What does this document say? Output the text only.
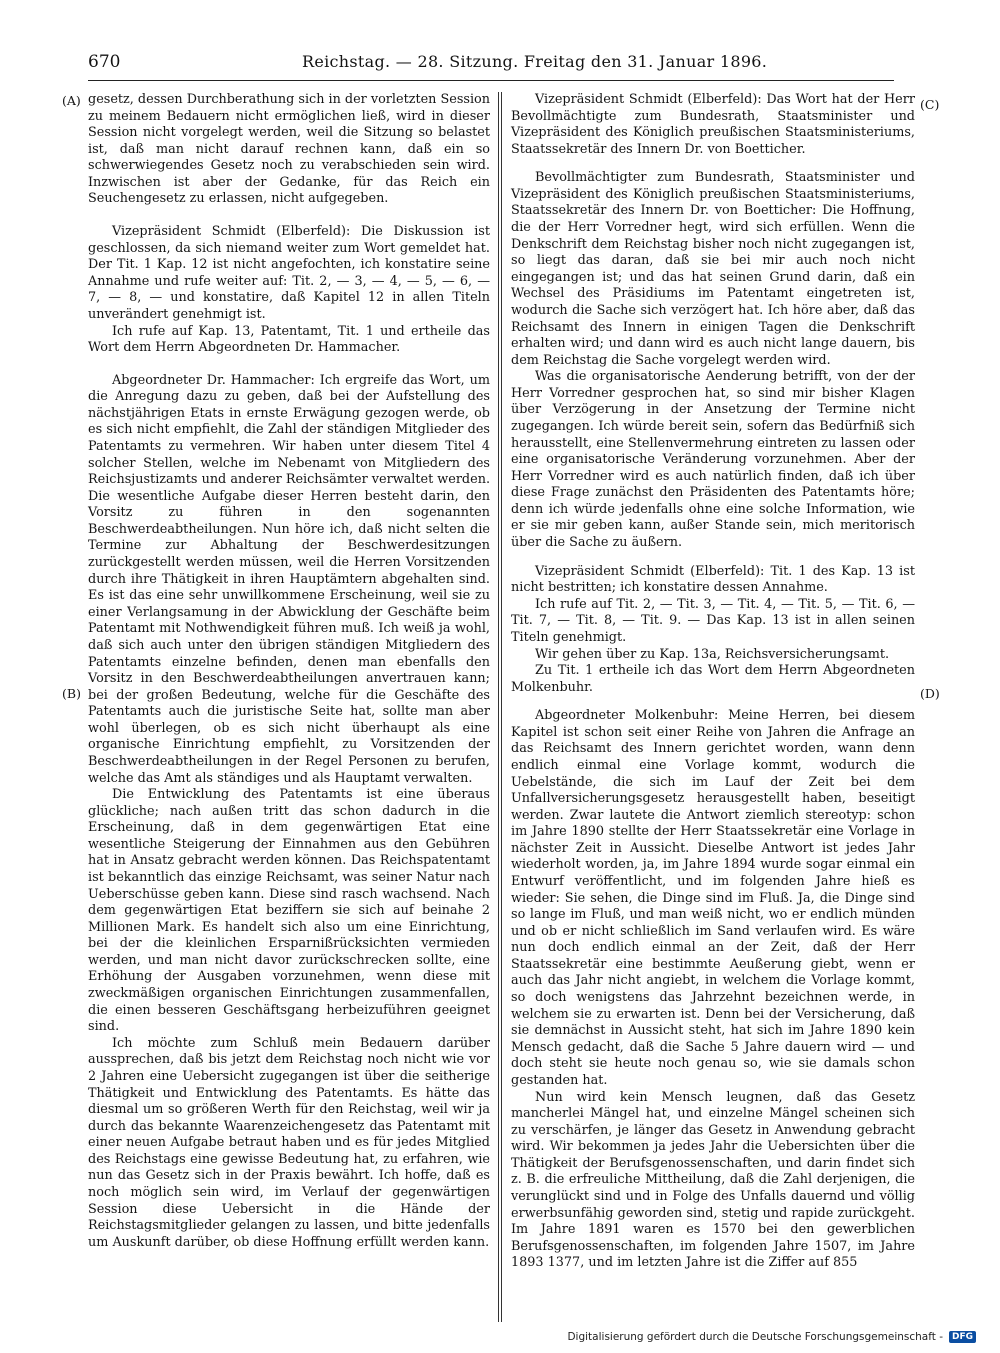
670	Reichstag. — 28. Sitzung. Freitag den 31. Januar 1896.
(A)
(B)
(C)
(D)

gesetz, dessen Durchberathung sich in der vorletzten Session zu meinem Bedauern nicht ermöglichen ließ, wird in dieser Session nicht vorgelegt werden, weil die Sitzung so belastet ist, daß man nicht darauf rechnen kann, daß ein so schwerwiegendes Gesetz noch zu verabschieden sein wird. Inzwischen ist aber der Gedanke, für das Reich ein Seuchengesetz zu erlassen, nicht aufgegeben.

Vizepräsident Schmidt (Elberfeld): Die Diskussion ist geschlossen, da sich niemand weiter zum Wort gemeldet hat. Der Tit. 1 Kap. 12 ist nicht angefochten, ich konstatire seine Annahme und rufe weiter auf: Tit. 2, — 3, — 4, — 5, — 6, — 7, — 8, — und konstatire, daß Kapitel 12 in allen Titeln unverändert genehmigt ist.

Ich rufe auf Kap. 13, Patentamt, Tit. 1 und ertheile das Wort dem Herrn Abgeordneten Dr. Hammacher.

Abgeordneter Dr. Hammacher: Ich ergreife das Wort, um die Anregung dazu zu geben, daß bei der Aufstellung des nächstjährigen Etats in ernste Erwägung gezogen werde, ob es sich nicht empfiehlt, die Zahl der ständigen Mitglieder des Patentamts zu vermehren. Wir haben unter diesem Titel 4 solcher Stellen, welche im Nebenamt von Mitgliedern des Reichsjustizamts und anderer Reichsämter verwaltet werden. Die wesentliche Aufgabe dieser Herren besteht darin, den Vorsitz zu führen in den sogenannten Beschwerdeabtheilungen. Nun höre ich, daß nicht selten die Termine zur Abhaltung der Beschwerdesitzungen zurückgestellt werden müssen, weil die Herren Vorsitzenden durch ihre Thätigkeit in ihren Hauptämtern abgehalten sind. Es ist das eine sehr unwillkommene Erscheinung, weil sie zu einer Verlangsamung in der Abwicklung der Geschäfte beim Patentamt mit Nothwendigkeit führen muß. Ich weiß ja wohl, daß sich auch unter den übrigen ständigen Mitgliedern des Patentamts einzelne befinden, denen man ebenfalls den Vorsitz in den Beschwerdeabtheilungen anvertrauen kann; bei der großen Bedeutung, welche für die Geschäfte des Patentamts auch die juristische Seite hat, sollte man aber wohl überlegen, ob es sich nicht überhaupt als eine organische Einrichtung empfiehlt, zu Vorsitzenden der Beschwerdeabtheilungen in der Regel Personen zu berufen, welche das Amt als ständiges und als Hauptamt verwalten.

Die Entwicklung des Patentamts ist eine überaus glückliche; nach außen tritt das schon dadurch in die Erscheinung, daß in dem gegenwärtigen Etat eine wesentliche Steigerung der Einnahmen aus den Gebühren hat in Ansatz gebracht werden können. Das Reichspatentamt ist bekanntlich das einzige Reichsamt, was seiner Natur nach Ueberschüsse geben kann. Diese sind rasch wachsend. Nach dem gegenwärtigen Etat beziffern sie sich auf beinahe 2 Millionen Mark. Es handelt sich also um eine Einrichtung, bei der die kleinlichen Ersparnißrücksichten vermieden werden, und man nicht davor zurückschrecken sollte, eine Erhöhung der Ausgaben vorzunehmen, wenn diese mit zweckmäßigen organischen Einrichtungen zusammenfallen, die einen besseren Geschäftsgang herbeizuführen geeignet sind.

Ich möchte zum Schluß mein Bedauern darüber aussprechen, daß bis jetzt dem Reichstag noch nicht wie vor 2 Jahren eine Uebersicht zugegangen ist über die seitherige Thätigkeit und Entwicklung des Patentamts. Es hätte das diesmal um so größeren Werth für den Reichstag, weil wir ja durch das bekannte Waarenzeichengesetz das Patentamt mit einer neuen Aufgabe betraut haben und es für jedes Mitglied des Reichstags eine gewisse Bedeutung hat, zu erfahren, wie nun das Gesetz sich in der Praxis bewährt. Ich hoffe, daß es noch möglich sein wird, im Verlauf der gegenwärtigen Session diese Uebersicht in die Hände der Reichstagsmitglieder gelangen zu lassen, und bitte jedenfalls um Auskunft darüber, ob diese Hoffnung erfüllt werden kann.

Vizepräsident Schmidt (Elberfeld): Das Wort hat der Herr Bevollmächtigte zum Bundesrath, Staatsminister und Vizepräsident des Königlich preußischen Staatsministeriums, Staatssekretär des Innern Dr. von Boetticher.

Bevollmächtigter zum Bundesrath, Staatsminister und Vizepräsident des Königlich preußischen Staatsministeriums, Staatssekretär des Innern Dr. von Boetticher: Die Hoffnung, die der Herr Vorredner hegt, wird sich erfüllen. Wenn die Denkschrift dem Reichstag bisher noch nicht zugegangen ist, so liegt das daran, daß sie bei mir auch noch nicht eingegangen ist; und das hat seinen Grund darin, daß ein Wechsel des Präsidiums im Patentamt eingetreten ist, wodurch die Sache sich verzögert hat. Ich höre aber, daß das Reichsamt des Innern in einigen Tagen die Denkschrift erhalten wird; und dann wird es auch nicht lange dauern, bis dem Reichstag die Sache vorgelegt werden wird.

Was die organisatorische Aenderung betrifft, von der der Herr Vorredner gesprochen hat, so sind mir bisher Klagen über Verzögerung in der Ansetzung der Termine nicht zugegangen. Ich würde bereit sein, sofern das Bedürfniß sich herausstellt, eine Stellenvermehrung eintreten zu lassen oder eine organisatorische Veränderung vorzunehmen. Aber der Herr Vorredner wird es auch natürlich finden, daß ich über diese Frage zunächst den Präsidenten des Patentamts höre; denn ich würde jedenfalls ohne eine solche Information, wie er sie mir geben kann, außer Stande sein, mich meritorisch über die Sache zu äußern.

Vizepräsident Schmidt (Elberfeld): Tit. 1 des Kap. 13 ist nicht bestritten; ich konstatire dessen Annahme.

Ich rufe auf Tit. 2, — Tit. 3, — Tit. 4, — Tit. 5, — Tit. 6, — Tit. 7, — Tit. 8, — Tit. 9. — Das Kap. 13 ist in allen seinen Titeln genehmigt.

Wir gehen über zu Kap. 13a, Reichsversicherungsamt.

Zu Tit. 1 ertheile ich das Wort dem Herrn Abgeordneten Molkenbuhr.

Abgeordneter Molkenbuhr: Meine Herren, bei diesem Kapitel ist schon seit einer Reihe von Jahren die Anfrage an das Reichsamt des Innern gerichtet worden, wann denn endlich einmal eine Vorlage kommt, wodurch die Uebelstände, die sich im Lauf der Zeit bei dem Unfallversicherungsgesetz herausgestellt haben, beseitigt werden. Zwar lautete die Antwort ziemlich stereotyp: schon im Jahre 1890 stellte der Herr Staatssekretär eine Vorlage in nächster Zeit in Aussicht. Dieselbe Antwort ist jedes Jahr wiederholt worden, ja, im Jahre 1894 wurde sogar einmal ein Entwurf veröffentlicht, und im folgenden Jahre hieß es wieder: Sie sehen, die Dinge sind im Fluß. Ja, die Dinge sind so lange im Fluß, und man weiß nicht, wo er endlich münden und ob er nicht schließlich im Sand verlaufen wird. Es wäre nun doch endlich einmal an der Zeit, daß der Herr Staatssekretär eine bestimmte Aeußerung giebt, wenn er auch das Jahr nicht angiebt, in welchem die Vorlage kommt, so doch wenigstens das Jahrzehnt bezeichnen werde, in welchem sie zu erwarten ist. Denn bei der Versicherung, daß sie demnächst in Aussicht steht, hat sich im Jahre 1890 kein Mensch gedacht, daß die Sache 5 Jahre dauern wird — und doch steht sie heute noch genau so, wie sie damals schon gestanden hat.

Nun wird kein Mensch leugnen, daß das Gesetz mancherlei Mängel hat, und einzelne Mängel scheinen sich zu verschärfen, je länger das Gesetz in Anwendung gebracht wird. Wir bekommen ja jedes Jahr die Uebersichten über die Thätigkeit der Berufsgenossenschaften, und darin findet sich z. B. die erfreuliche Mittheilung, daß die Zahl derjenigen, die verunglückt sind und in Folge des Unfalls dauernd und völlig erwerbsunfähig geworden sind, stetig und rapide zurückgeht. Im Jahre 1891 waren es 1570 bei den gewerblichen Berufsgenossenschaften, im folgenden Jahre 1507, im Jahre 1893 1377, und im letzten Jahre ist die Ziffer auf 855

Digitalisierung gefördert durch die Deutsche Forschungsgemeinschaft -	DFG
